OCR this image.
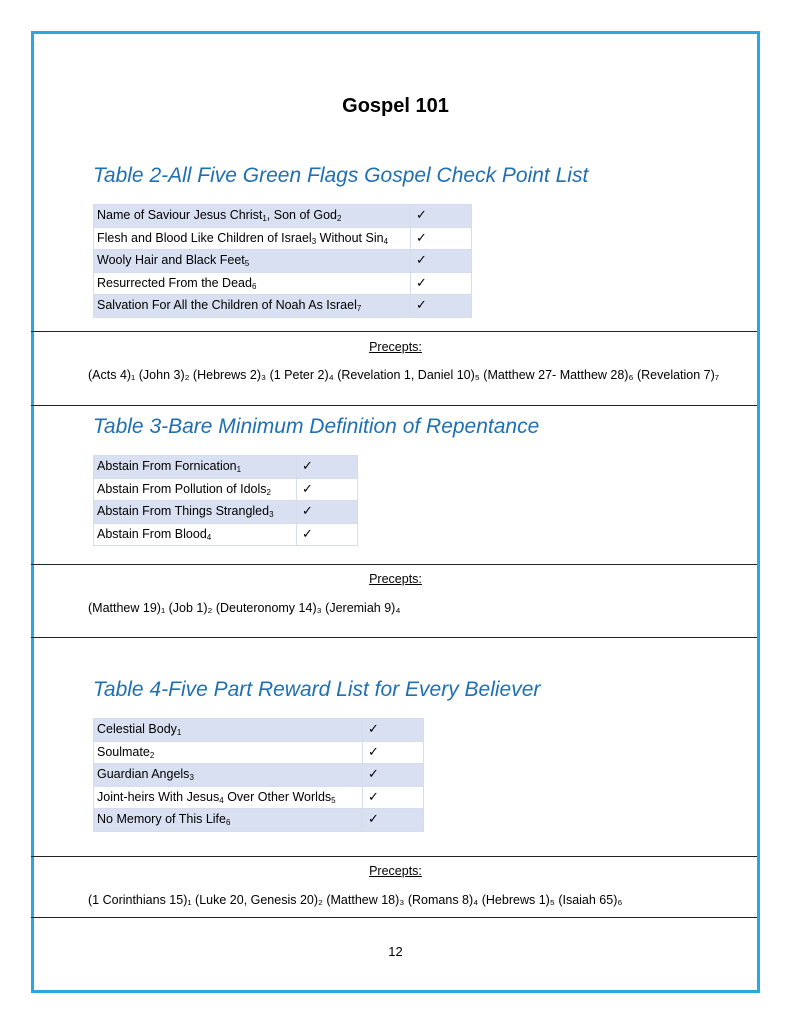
Gospel 101
Table 2-All Five Green Flags Gospel Check Point List
Name of Saviour Jesus Christ$_1$, Son of God$_2$	✓
Flesh and Blood Like Children of Israel$_3$ Without Sin$_4$	✓
Wooly Hair and Black Feet$_5$	✓
Resurrected From the Dead$_6$	✓
Salvation For All the Children of Noah As Israel$_7$	✓
Precepts:
(Acts 4)₁ (John 3)₂ (Hebrews 2)₃ (1 Peter 2)₄ (Revelation 1, Daniel 10)₅ (Matthew 27- Matthew 28)₆ (Revelation 7)₇
Table 3-Bare Minimum Definition of Repentance
Abstain From Fornication$_1$	✓
Abstain From Pollution of Idols$_2$	✓
Abstain From Things Strangled$_3$	✓
Abstain From Blood$_4$	✓
Precepts:
(Matthew 19)₁ (Job 1)₂ (Deuteronomy 14)₃ (Jeremiah 9)₄
Table 4-Five Part Reward List for Every Believer
Celestial Body$_1$	✓
Soulmate$_2$	✓
Guardian Angels$_3$	✓
Joint-heirs With Jesus$_4$ Over Other Worlds$_5$	✓
No Memory of This Life$_6$	✓
Precepts:
(1 Corinthians 15)₁ (Luke 20, Genesis 20)₂ (Matthew 18)₃ (Romans 8)₄ (Hebrews 1)₅ (Isaiah 65)₆
12
